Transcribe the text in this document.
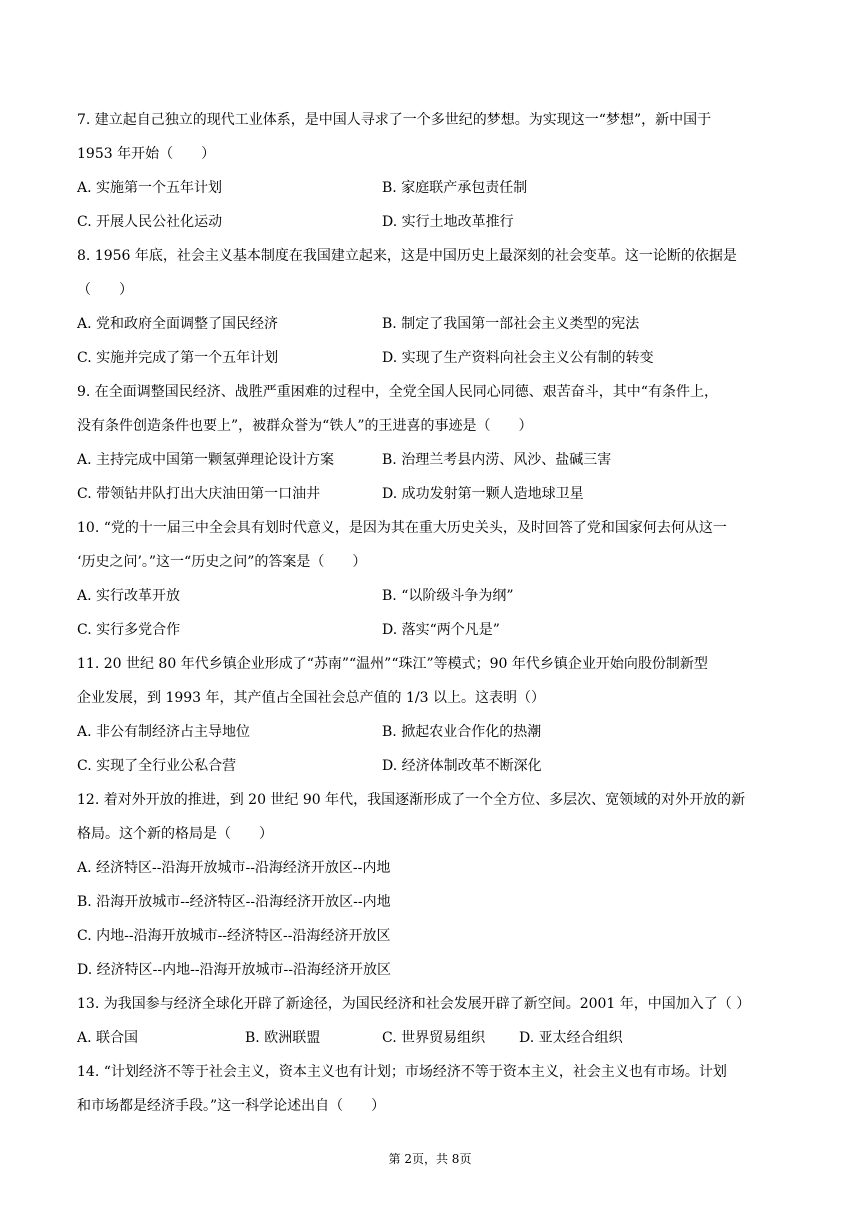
7. 建立起自己独立的现代工业体系，是中国人寻求了一个多世纪的梦想。为实现这一“梦想”，新中国于
1953 年开始（　　）
A. 实施第一个五年计划	B. 家庭联产承包责任制
C. 开展人民公社化运动	D. 实行土地改革推行
8. 1956 年底，社会主义基本制度在我国建立起来，这是中国历史上最深刻的社会变革。这一论断的依据是
（　　）
A. 党和政府全面调整了国民经济	B. 制定了我国第一部社会主义类型的宪法
C. 实施并完成了第一个五年计划	D. 实现了生产资料向社会主义公有制的转变
9. 在全面调整国民经济、战胜严重困难的过程中，全党全国人民同心同德、艰苦奋斗，其中“有条件上，
没有条件创造条件也要上”，被群众誉为“铁人”的王进喜的事迹是（　　）
A. 主持完成中国第一颗氢弹理论设计方案	B. 治理兰考县内涝、风沙、盐碱三害
C. 带领钻井队打出大庆油田第一口油井	D. 成功发射第一颗人造地球卫星
10. “党的十一届三中全会具有划时代意义，是因为其在重大历史关头，及时回答了党和国家何去何从这一
‘历史之问’。”这一“历史之问”的答案是（　　）
A. 实行改革开放	B. “以阶级斗争为纲”
C. 实行多党合作	D. 落实“两个凡是”
11. 20 世纪 80 年代乡镇企业形成了“苏南”“温州”“珠江”等模式；90 年代乡镇企业开始向股份制新型
企业发展，到 1993 年，其产值占全国社会总产值的 1/3 以上。这表明（）
A. 非公有制经济占主导地位	B. 掀起农业合作化的热潮
C. 实现了全行业公私合营	D. 经济体制改革不断深化
12. 着对外开放的推进，到 20 世纪 90 年代，我国逐渐形成了一个全方位、多层次、宽领域的对外开放的新
格局。这个新的格局是（　　）
A. 经济特区--沿海开放城市--沿海经济开放区--内地
B. 沿海开放城市--经济特区--沿海经济开放区--内地
C. 内地--沿海开放城市--经济特区--沿海经济开放区
D. 经济特区--内地--沿海开放城市--沿海经济开放区
13. 为我国参与经济全球化开辟了新途径，为国民经济和社会发展开辟了新空间。2001 年，中国加入了（ ）
A. 联合国	B. 欧洲联盟	C. 世界贸易组织 D. 亚太经合组织
14. “计划经济不等于社会主义，资本主义也有计划；市场经济不等于资本主义，社会主义也有市场。计划
和市场都是经济手段。”这一科学论述出自（　　）
第 2页，共 8页
